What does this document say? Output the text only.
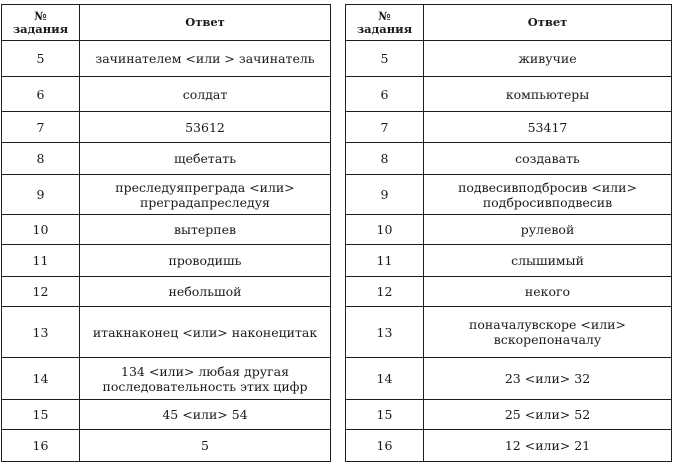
№
задания	Ответ
5	зачинателем <или > зачинатель
6	солдат
7	53612
8	щебетать
9	преследуяпреграда <или>
преградапреследуя
10	вытерпев
11	проводишь
12	небольшой
13	итакнаконец <или> наконецитак
14	134 <или> любая другая
последовательность этих цифр
15	45 <или> 54
16	5
№
задания	Ответ
5	живучие
6	компьютеры
7	53417
8	создавать
9	подвесивподбросив <или>
подбросивподвесив
10	рулевой
11	слышимый
12	некого
13	поначалувскоре <или>
вскорепоначалу
14	23 <или> 32
15	25 <или> 52
16	12 <или> 21
